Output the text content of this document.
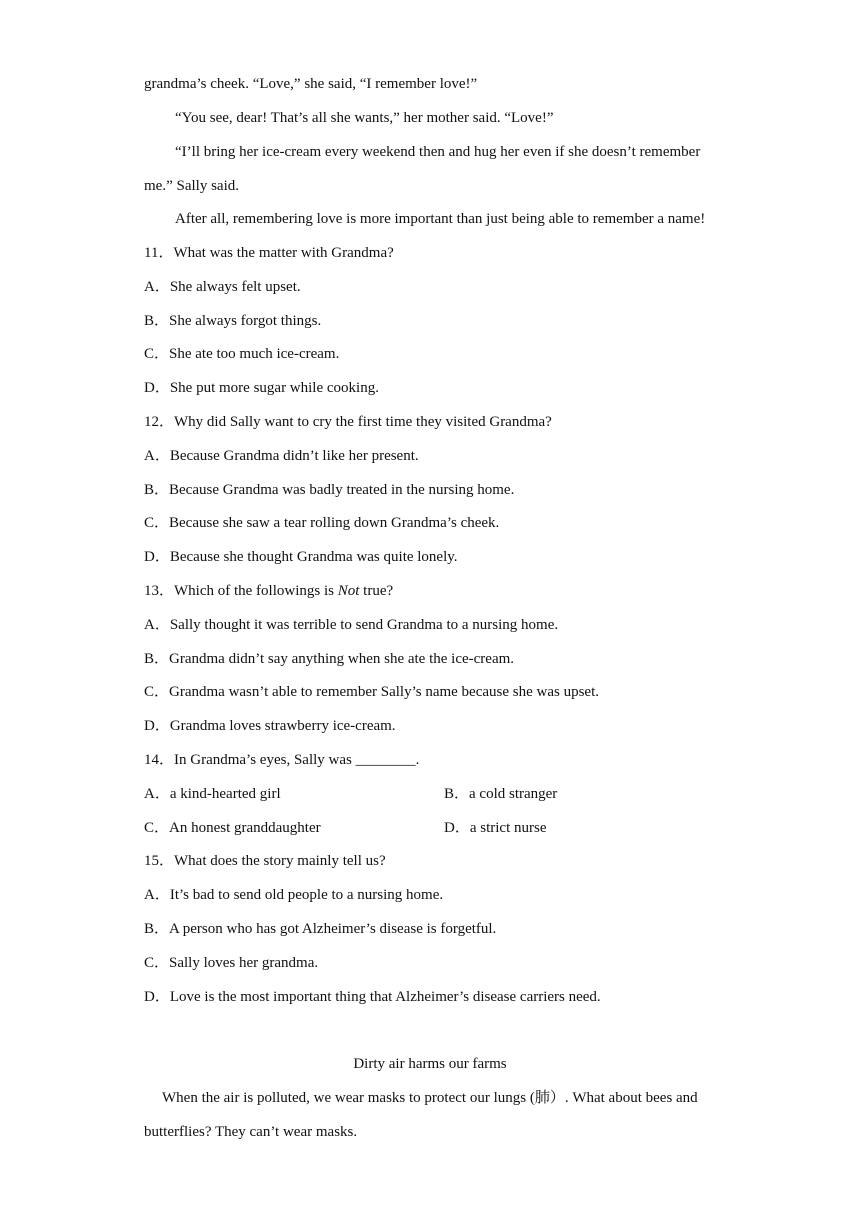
grandma’s cheek. “Love,” she said, “I remember love!”
“You see, dear! That’s all she wants,” her mother said. “Love!”
“I’ll bring her ice-cream every weekend then and hug her even if she doesn’t remember
me.” Sally said.
After all, remembering love is more important than just being able to remember a name!
11．What was the matter with Grandma?
A．She always felt upset.
B．She always forgot things.
C．She ate too much ice-cream.
D．She put more sugar while cooking.
12．Why did Sally want to cry the first time they visited Grandma?
A．Because Grandma didn’t like her present.
B．Because Grandma was badly treated in the nursing home.
C．Because she saw a tear rolling down Grandma’s cheek.
D．Because she thought Grandma was quite lonely.
13．Which of the followings is Not true?
A．Sally thought it was terrible to send Grandma to a nursing home.
B．Grandma didn’t say anything when she ate the ice-cream.
C．Grandma wasn’t able to remember Sally’s name because she was upset.
D．Grandma loves strawberry ice-cream.
14．In Grandma’s eyes, Sally was ________.
A．a kind-hearted girl	B．a cold stranger
C．An honest granddaughter	D．a strict nurse
15．What does the story mainly tell us?
A．It’s bad to send old people to a nursing home.
B．A person who has got Alzheimer’s disease is forgetful.
C．Sally loves her grandma.
D．Love is the most important thing that Alzheimer’s disease carriers need.
Dirty air harms our farms
When the air is polluted, we wear masks to protect our lungs (肺）. What about bees and
butterflies? They can’t wear masks.
